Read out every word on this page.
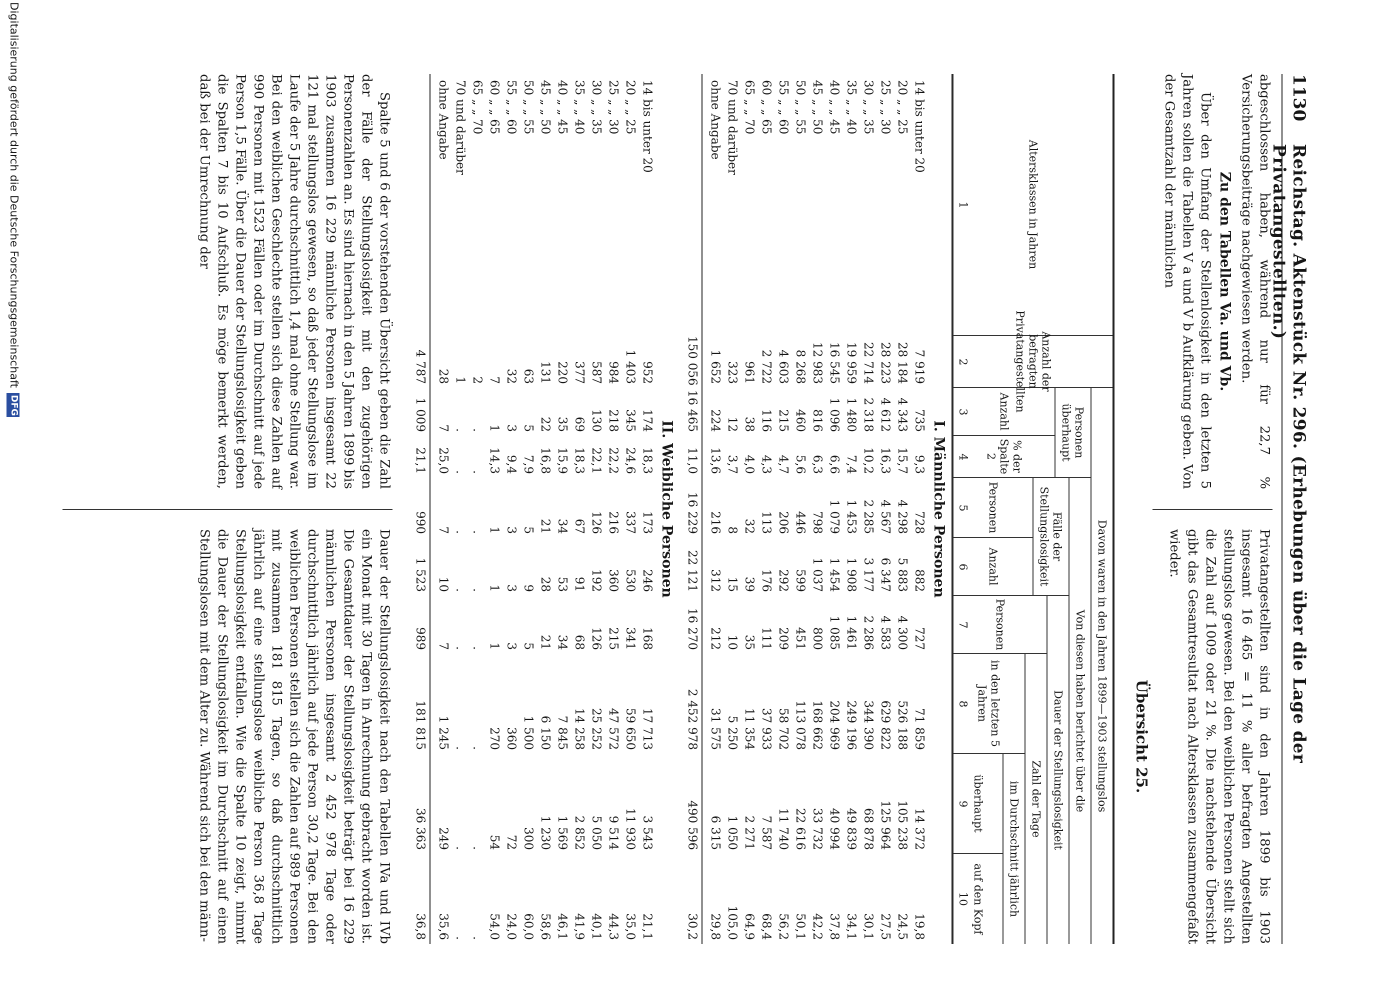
1130
Reichstag. Aktenstück Nr. 296. (Erhebungen über die Lage der Privatangestellten.)

abgeschlossen haben, während nur für 22,7 % Versicherungsbeiträge nachgewiesen werden.

Zu den Tabellen Va. und Vb.

Über den Umfang der Stellenlosigkeit in den letzten 5 Jahren sollen die Tabellen V a und V b Aufklärung geben. Von der Gesamtzahl der männlichen

Privatangestellten sind in den Jahren 1899 bis 1903 insgesamt 16 465 = 11 % aller befragten Angestellten stellungslos gewesen. Bei den weiblichen Personen stellt sich die Zahl auf 1009 oder 21 %. Die nachstehende Übersicht gibt das Gesamtresultat nach Altersklassen zusammengefaßt wieder.

Übersicht 25.
Altersklassen in Jahren
Anzahl der befragten Privatangestellten
Davon waren in den Jahren 1899—1903 stellungslos
Personen überhaupt
Anzahl
% der Spalte 2
Von diesen haben berichtet über die
Fälle der Stellungslosigkeit
Personen
Anzahl
Dauer der Stellungslosigkeit
Personen
Zahl der Tage
in den letzten 5 Jahren
im Durchschnitt jährlich
überhaupt
auf den Kopf
1
2
3
4
5
6
7
8
9
10
I. Männliche Personen
14 bis unter 20
7 919
735
9,3
728
882
727
71 859
14 372
19,8
20 „ „ 25
28 184
4 343
15,7
4 298
5 883
4 300
526 188
105 238
24,5
25 „ „ 30
28 223
4 612
16,3
4 567
6 347
4 583
629 822
125 964
27,5
30 „ „ 35
22 714
2 318
10,2
2 285
3 177
2 286
344 390
68 878
30,1
35 „ „ 40
19 959
1 480
7,4
1 453
1 908
1 461
249 196
49 839
34,1
40 „ „ 45
16 545
1 096
6,6
1 079
1 454
1 085
204 969
40 994
37,8
45 „ „ 50
12 983
816
6,3
798
1 037
800
168 662
33 732
42,2
50 „ „ 55
8 268
460
5,6
446
599
451
113 078
22 616
50,1
55 „ „ 60
4 603
215
4,7
206
292
209
58 702
11 740
56,2
60 „ „ 65
2 722
116
4,3
113
176
111
37 933
7 587
68,4
65 „ „ 70
961
38
4,0
32
39
35
11 354
2 271
64,9
70 und darüber
323
12
3,7
8
15
10
5 250
1 050
105,0
ohne Angabe
1 652
224
13,6
216
312
212
31 575
6 315
29,8
150 056
16 465
11,0
16 229
22 121
16 270
2 452 978
490 596
30,2
II. Weibliche Personen
14 bis unter 20
952
174
18,3
173
246
168
17 713
3 543
21,1
20 „ „ 25
1 403
345
24,6
337
530
341
59 650
11 930
35,0
25 „ „ 30
984
218
22,2
216
360
215
47 572
9 514
44,3
30 „ „ 35
587
130
22,1
126
192
126
25 252
5 050
40,1
35 „ „ 40
377
69
18,3
67
91
68
14 258
2 852
41,9
40 „ „ 45
220
35
15,9
34
53
34
7 845
1 569
46,1
45 „ „ 50
131
22
16,8
21
28
21
6 150
1 230
58,6
50 „ „ 55
63
5
7,9
5
9
5
1 500
300
60,0
55 „ „ 60
32
3
9,4
3
3
3
360
72
24,0
60 „ „ 65
7
1
14,3
1
1
1
270
54
54,0
65 „ „ 70
2
.
.
.
.
.
.
.
.
70 und darüber
1
.
.
.
.
.
.
.
.
ohne Angabe
28
7
25,0
7
10
7
1 245
249
35,6
4 787
1 009
21,1
990
1 523
989
181 815
36 363
36,8

Spalte 5 und 6 der vorstehenden Übersicht geben die Zahl der Fälle der Stellungslosigkeit mit den zugehörigen Personenzahlen an. Es sind hiernach in den 5 Jahren 1899 bis 1903 zusammen 16 229 männliche Personen insgesamt 22 121 mal stellungslos gewesen, so daß jeder Stellungslose im Laufe der 5 Jahre durchschnittlich 1,4 mal ohne Stellung war. Bei den weiblichen Geschlechte stellen sich diese Zahlen auf 990 Personen mit 1523 Fällen oder im Durchschnitt auf jede Person 1,5 Fälle. Über die Dauer der Stellungslosigkeit geben die Spalten 7 bis 10 Aufschluß. Es möge bemerkt werden, daß bei der Umrechnung der

Dauer der Stellungslosigkeit nach den Tabellen IVa und IVb ein Monat mit 30 Tagen in Anrechnung gebracht worden ist. Die Gesamtdauer der Stellungslosigkeit beträgt bei 16 229 männlichen Personen insgesamt 2 452 978 Tage oder durchschnittlich jährlich auf jede Person 30,2 Tage. Bei den weiblichen Personen stellen sich die Zahlen auf 989 Personen mit zusammen 181 815 Tagen, so daß durchschnittlich jährlich auf eine stellungslose weibliche Person 36,8 Tage Stellungslosigkeit entfallen. Wie die Spalte 10 zeigt, nimmt die Dauer der Stellungslosigkeit im Durchschnitt auf einen Stellungslosen mit dem Alter zu. Während sich bei den männ-

Digitalisierung gefördert durch die Deutsche Forschungsgemeinschaft DFG
